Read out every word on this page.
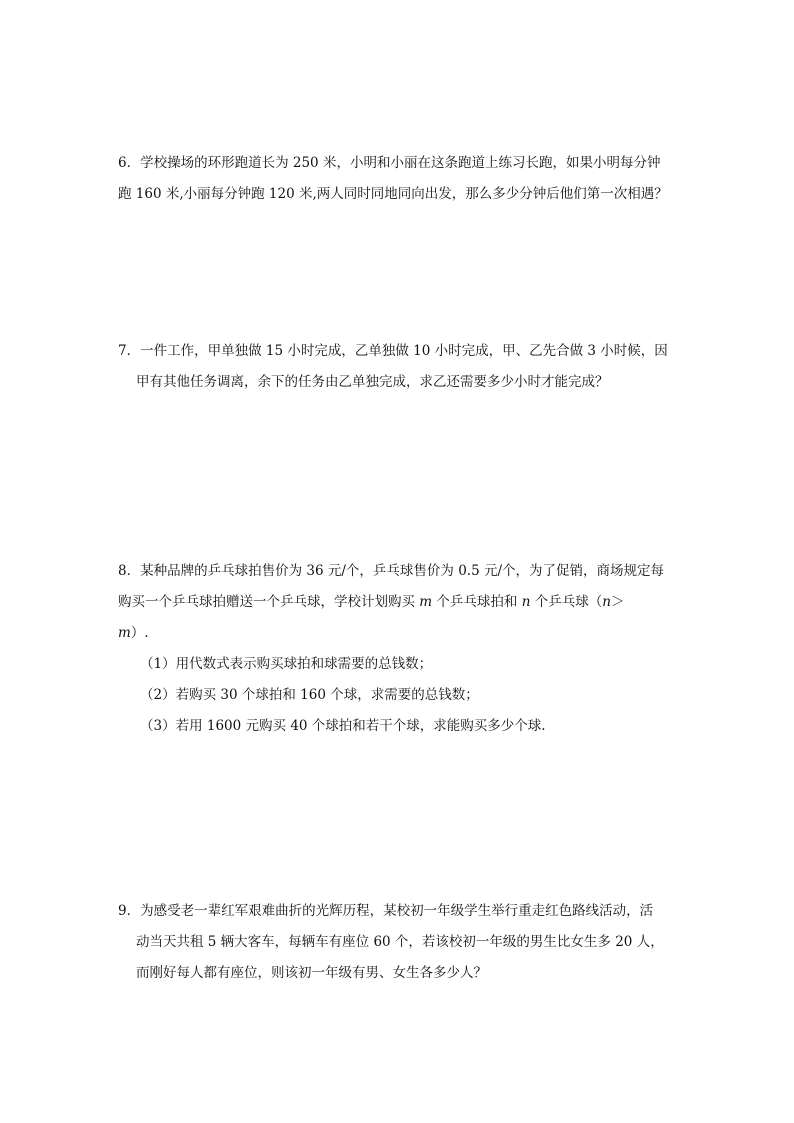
6．学校操场的环形跑道长为 250 米，小明和小丽在这条跑道上练习长跑，如果小明每分钟
跑 160 米,小丽每分钟跑 120 米,两人同时同地同向出发，那么多少分钟后他们第一次相遇？
7．一件工作，甲单独做 15 小时完成，乙单独做 10 小时完成，甲、乙先合做 3 小时候，因
甲有其他任务调离，余下的任务由乙单独完成，求乙还需要多少小时才能完成？
8．某种品牌的乒乓球拍售价为 36 元/个，乒乓球售价为 0.5 元/个，为了促销，商场规定每
购买一个乒乓球拍赠送一个乒乓球，学校计划购买 m 个乒乓球拍和 n 个乒乓球（n＞
m）.
（1）用代数式表示购买球拍和球需要的总钱数；
（2）若购买 30 个球拍和 160 个球，求需要的总钱数；
（3）若用 1600 元购买 40 个球拍和若干个球，求能购买多少个球.
9．为感受老一辈红军艰难曲折的光辉历程，某校初一年级学生举行重走红色路线活动，活
动当天共租 5 辆大客车，每辆车有座位 60 个，若该校初一年级的男生比女生多 20 人，
而刚好每人都有座位，则该初一年级有男、女生各多少人？
